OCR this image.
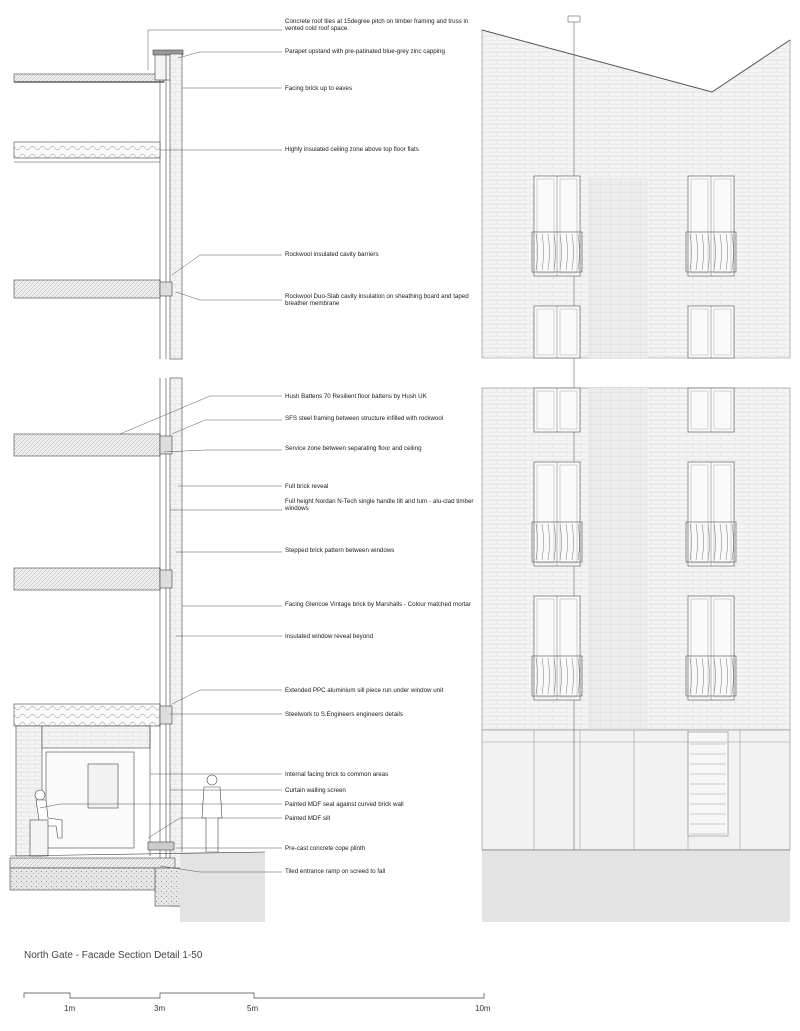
Concrete roof tiles at 15degree pitch on timber framing and truss in vented cold roof space.
Parapet upstand with pre-patinated blue-grey zinc capping
Facing brick up to eaves
Highly insulated ceiling zone above top floor flats
Rockwool insulated cavity barriers
Rockwool Duo-Slab cavity insulation on sheathing board and taped breather membrane
Hush Battens 70 Resilient floor battens by Hush UK
SFS steel framing between structure infilled with rockwool
Service zone between separating floor and ceiling
Full brick reveal
Full height Nordan N-Tech single handle tilt and turn - alu-clad timber windows
Stepped brick pattern between windows
Facing Glencoe Vintage brick by Marshalls - Colour matched mortar
Insulated window reveal beyond
Extended PPC aluminium sill piece run under window unit
Steelwork to S.Engineers engineers details
Internal facing brick to common areas
Curtain walling screen
Painted MDF seat against curved brick wall
Painted MDF sill
Pre-cast concrete cope plinth
Tiled entrance ramp on screed to fall
North Gate - Facade Section Detail 1-50
1m	3m	5m	10m
